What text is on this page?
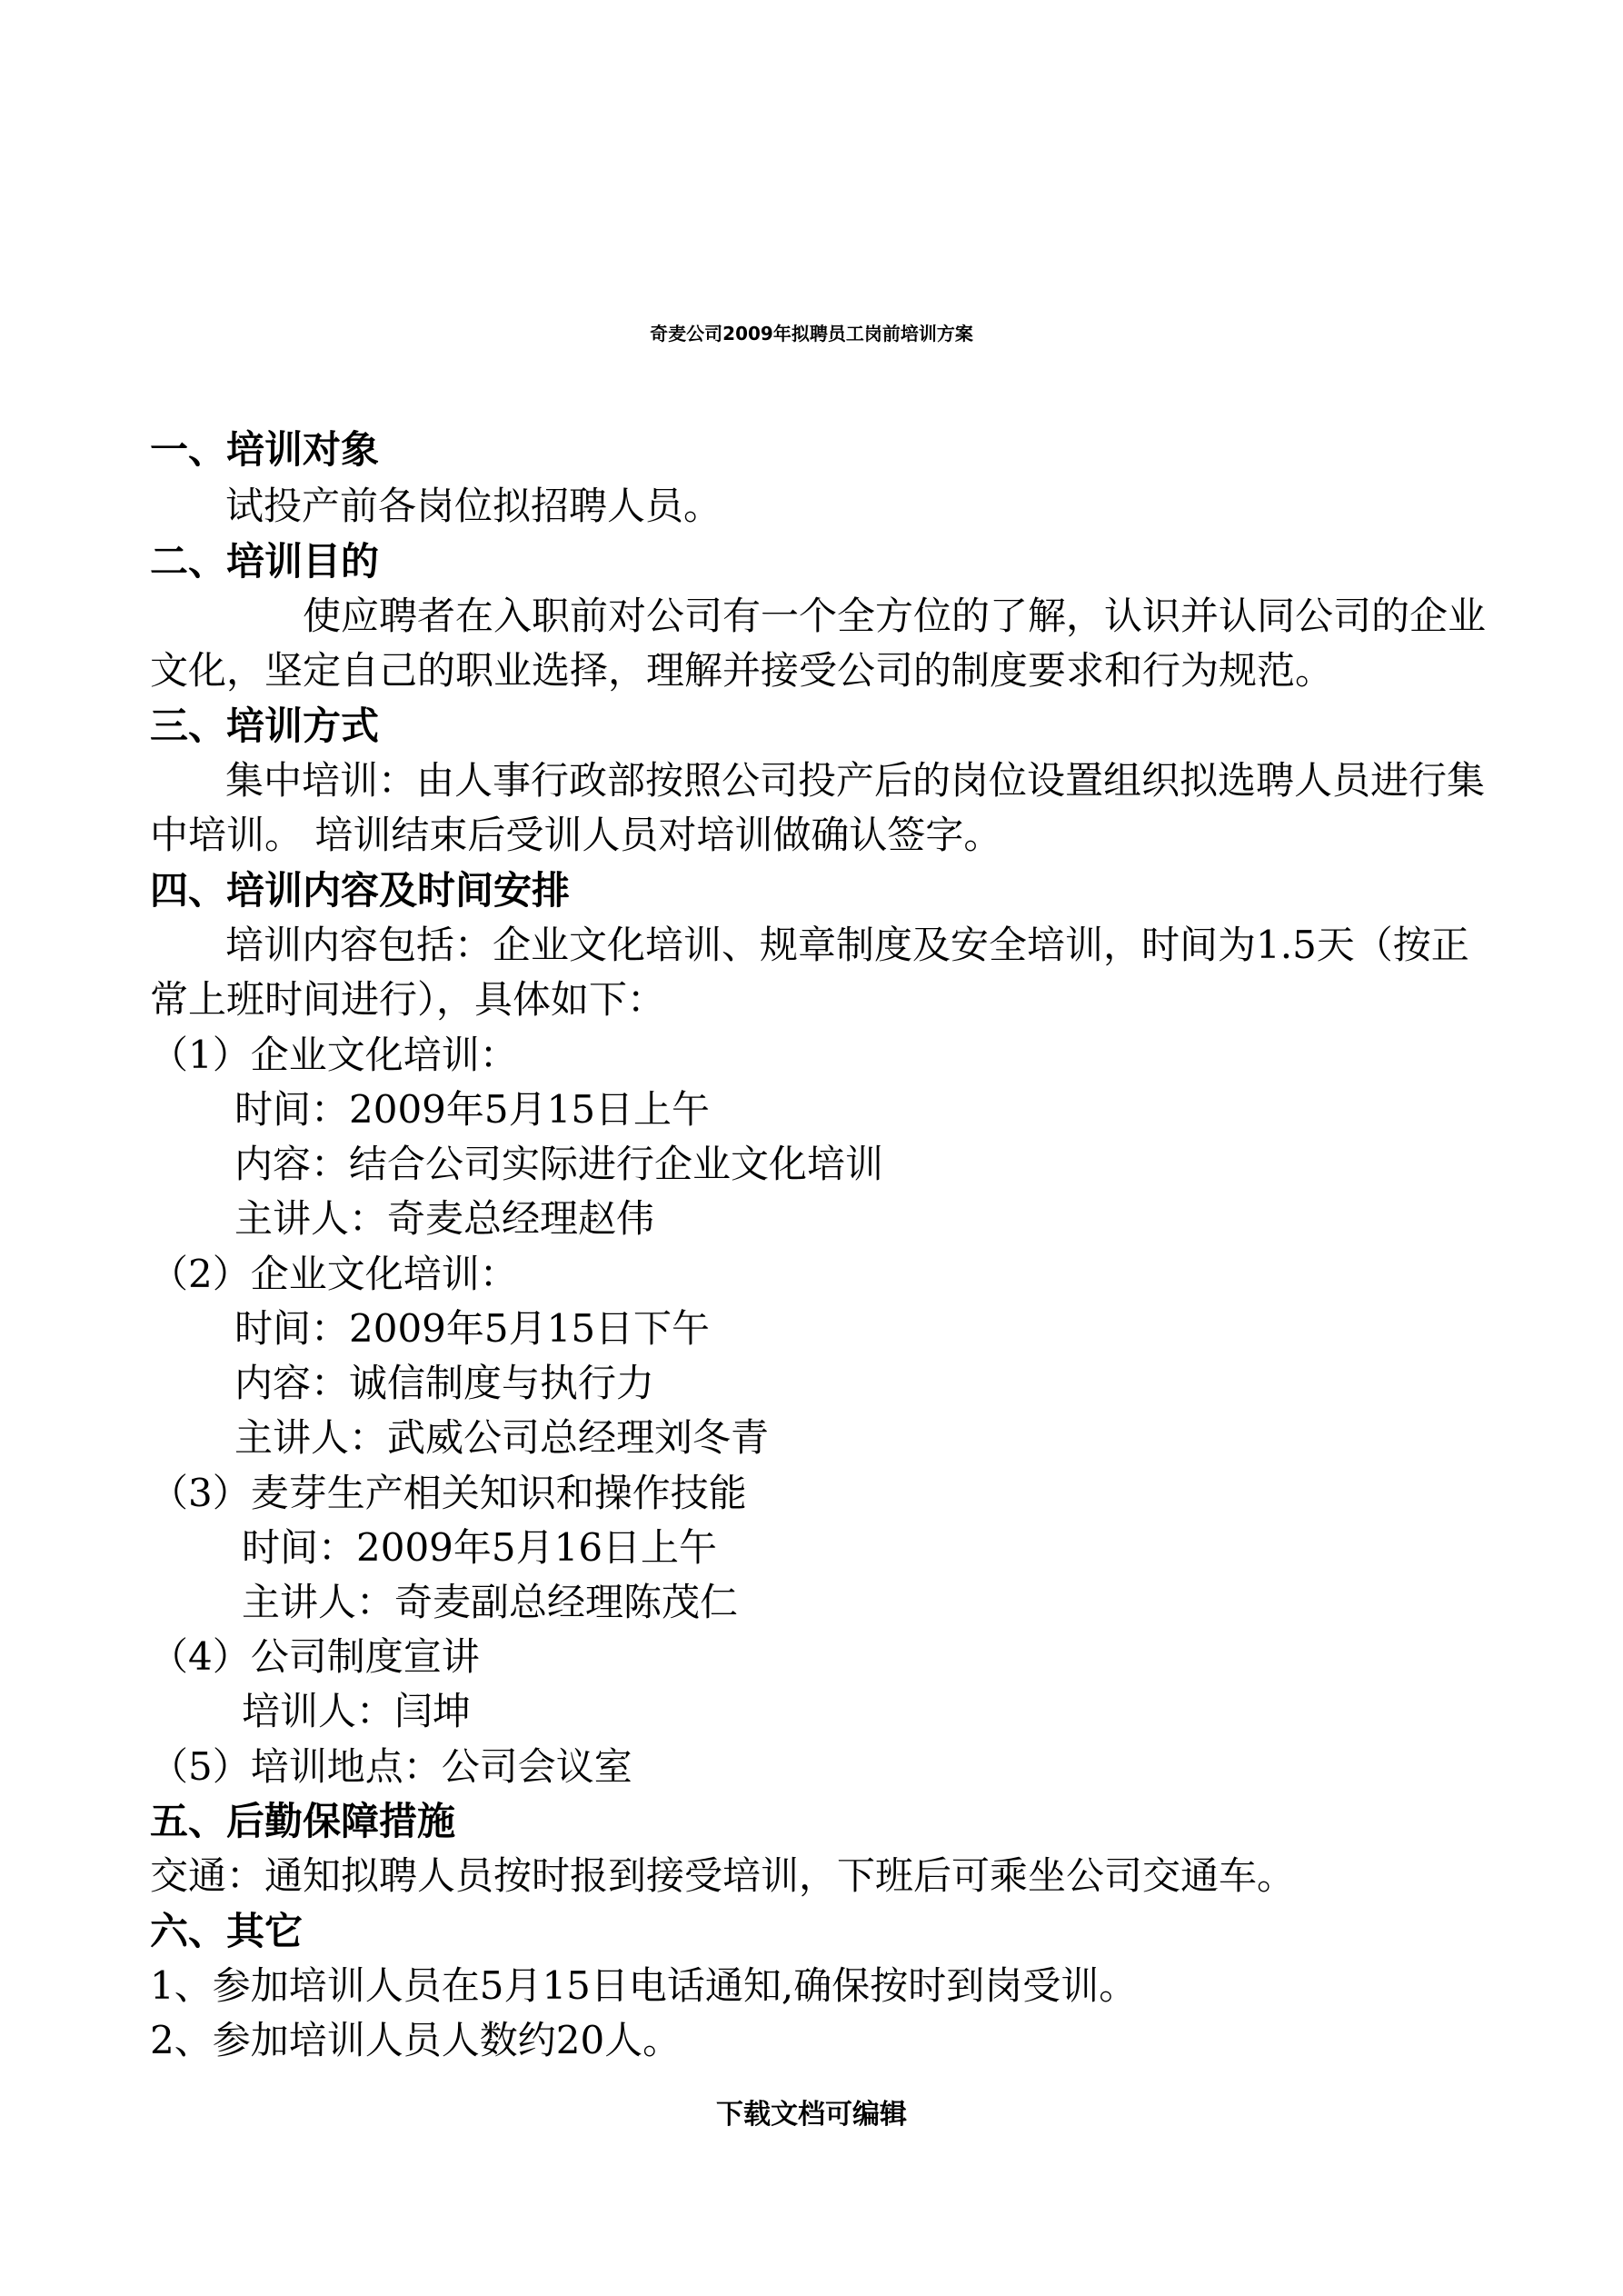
奇麦公司2009年拟聘员工岗前培训方案
一、培训对象
试投产前各岗位拟招聘人员。
二、培训目的
使应聘者在入职前对公司有一个全方位的了解，认识并认同公司的企业
文化，坚定自己的职业选择，理解并接受公司的制度要求和行为规范。
三、培训方式
集中培训：由人事行政部按照公司投产后的岗位设置组织拟选聘人员进行集
中培训。 培训结束后受训人员对培训做确认签字。
四、培训内容及时间安排
培训内容包括：企业文化培训、规章制度及安全培训，时间为1.5天（按正
常上班时间进行），具体如下：
（1）企业文化培训：
时间：2009年5月15日上午
内容：结合公司实际进行企业文化培训
主讲人：奇麦总经理赵伟
（2）企业文化培训：
时间：2009年5月15日下午
内容：诚信制度与执行力
主讲人：武威公司总经理刘冬青
（3）麦芽生产相关知识和操作技能
时间：2009年5月16日上午
主讲人：奇麦副总经理陈茂仁
（4）公司制度宣讲
培训人：闫坤
（5）培训地点：公司会议室
五、后勤保障措施
交通：通知拟聘人员按时报到接受培训，下班后可乘坐公司交通车。
六、其它
1、参加培训人员在5月15日电话通知,确保按时到岗受训。
2、参加培训人员人数约20人。
下载文档可编辑
